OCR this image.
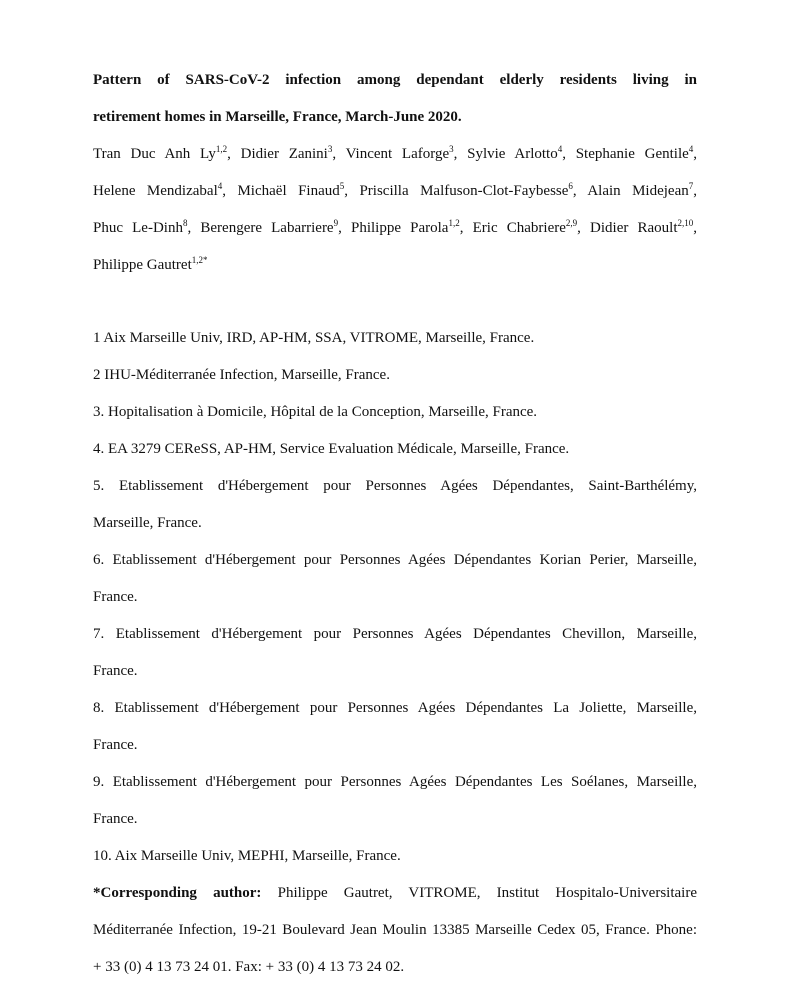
Pattern of SARS-CoV-2 infection among dependant elderly residents living in

retirement homes in Marseille, France, March-June 2020.

Tran Duc Anh Ly$^{1,2}$, Didier Zanini$^3$, Vincent Laforge$^3$, Sylvie Arlotto$^4$, Stephanie Gentile$^4$,

Helene Mendizabal$^4$, Michaël Finaud$^5$, Priscilla Malfuson-Clot-Faybesse$^6$, Alain Midejean$^7$,

Phuc Le-Dinh$^8$, Berengere Labarriere$^9$, Philippe Parola$^{1,2}$, Eric Chabriere$^{2,9}$, Didier Raoult$^{2,10}$,

Philippe Gautret$^{1,2*}$

1 Aix Marseille Univ, IRD, AP-HM, SSA, VITROME, Marseille, France.

2 IHU-Méditerranée Infection, Marseille, France.

3. Hopitalisation à Domicile, Hôpital de la Conception, Marseille, France.

4. EA 3279 CEReSS, AP-HM, Service Evaluation Médicale, Marseille, France.

5. Etablissement d'Hébergement pour Personnes Agées Dépendantes, Saint-Barthélémy,

Marseille, France.

6. Etablissement d'Hébergement pour Personnes Agées Dépendantes Korian Perier, Marseille,

France.

7. Etablissement d'Hébergement pour Personnes Agées Dépendantes Chevillon, Marseille,

France.

8. Etablissement d'Hébergement pour Personnes Agées Dépendantes La Joliette, Marseille,

France.

9. Etablissement d'Hébergement pour Personnes Agées Dépendantes Les Soélanes, Marseille,

France.

10. Aix Marseille Univ, MEPHI, Marseille, France.

*Corresponding author: Philippe Gautret, VITROME, Institut Hospitalo-Universitaire

Méditerranée Infection, 19-21 Boulevard Jean Moulin 13385 Marseille Cedex 05, France. Phone:

+ 33 (0) 4 13 73 24 01. Fax: + 33 (0) 4 13 73 24 02.
